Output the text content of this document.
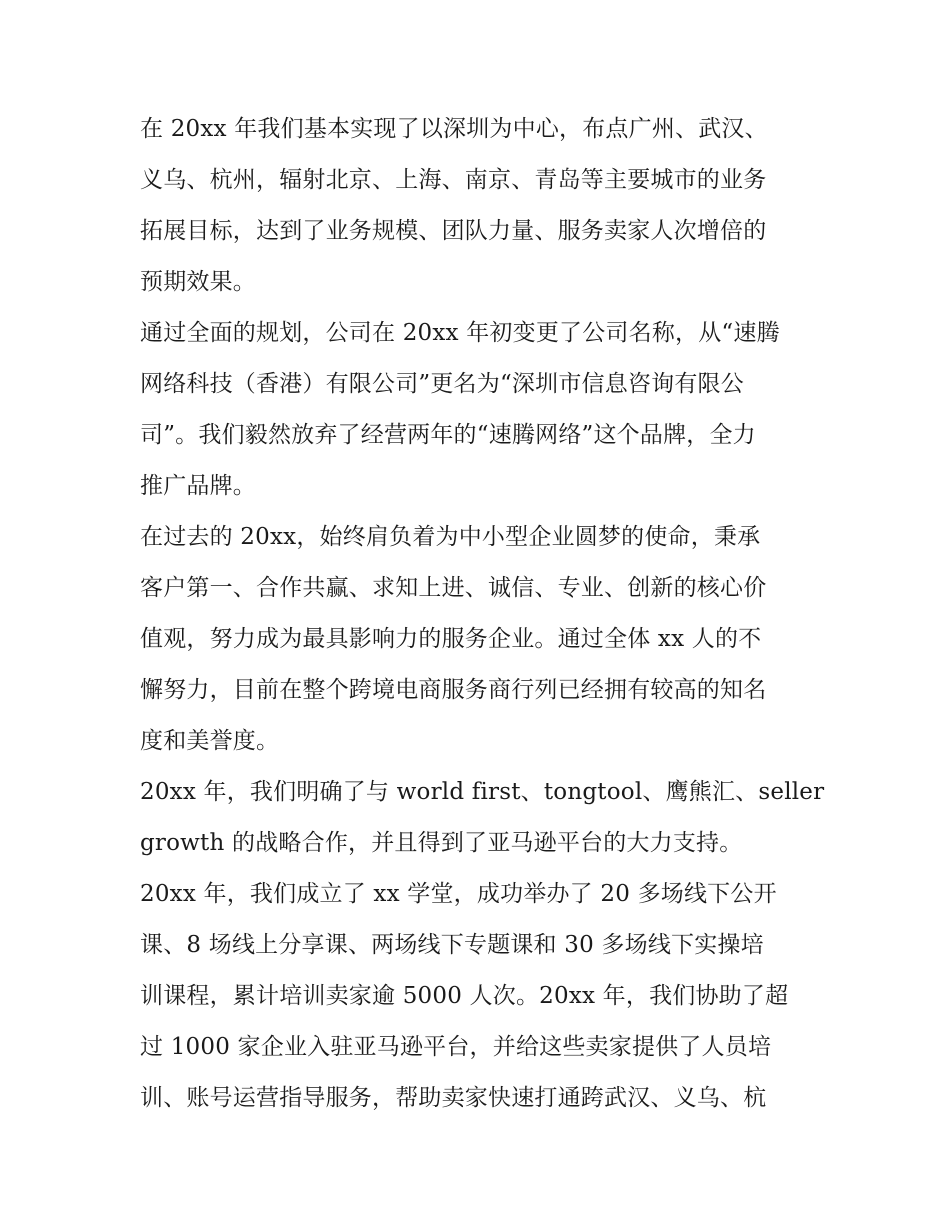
在 20xx 年我们基本实现了以深圳为中心，布点广州、武汉、
义乌、杭州，辐射北京、上海、南京、青岛等主要城市的业务
拓展目标，达到了业务规模、团队力量、服务卖家人次增倍的
预期效果。
通过全面的规划，公司在 20xx 年初变更了公司名称，从“速腾
网络科技（香港）有限公司”更名为“深圳市信息咨询有限公
司”。我们毅然放弃了经营两年的“速腾网络”这个品牌，全力
推广品牌。
在过去的 20xx，始终肩负着为中小型企业圆梦的使命，秉承
客户第一、合作共赢、求知上进、诚信、专业、创新的核心价
值观，努力成为最具影响力的服务企业。通过全体 xx 人的不
懈努力，目前在整个跨境电商服务商行列已经拥有较高的知名
度和美誉度。
20xx 年，我们明确了与 world first、tongtool、鹰熊汇、seller
growth 的战略合作，并且得到了亚马逊平台的大力支持。
20xx 年，我们成立了 xx 学堂，成功举办了 20 多场线下公开
课、8 场线上分享课、两场线下专题课和 30 多场线下实操培
训课程，累计培训卖家逾 5000 人次。20xx 年，我们协助了超
过 1000 家企业入驻亚马逊平台，并给这些卖家提供了人员培
训、账号运营指导服务，帮助卖家快速打通跨武汉、义乌、杭
